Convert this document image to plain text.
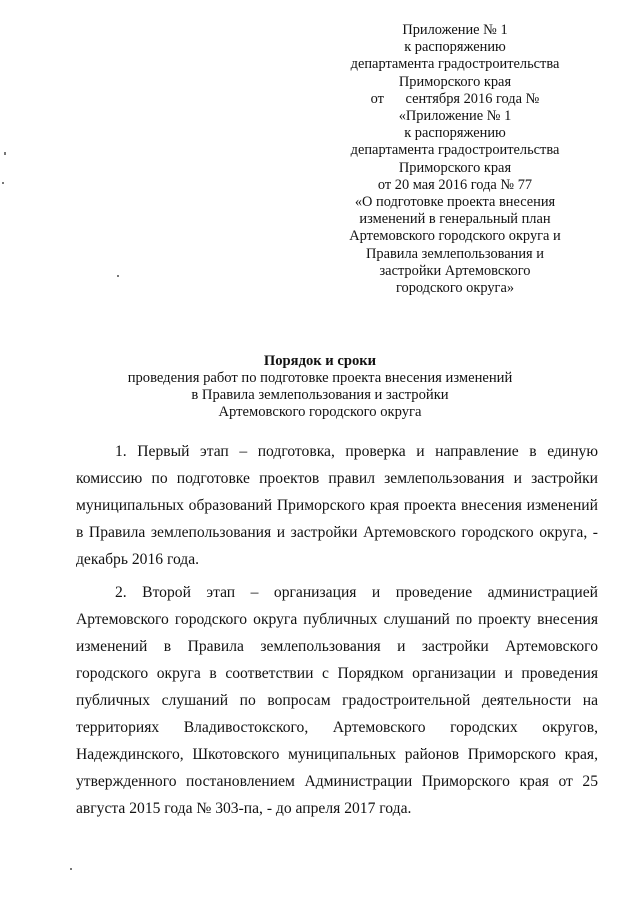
Приложение № 1
к распоряжению
департамента градостроительства
Приморского края
от      сентября 2016 года №
«Приложение № 1
к распоряжению
департамента градостроительства
Приморского края
от 20 мая 2016 года № 77
«О подготовке проекта внесения
изменений в генеральный план
Артемовского городского округа и
Правила землепользования и
застройки Артемовского
городского округа»
Порядок и сроки
проведения работ по подготовке проекта внесения изменений
в Правила землепользования и застройки
Артемовского городского округа

1. Первый этап – подготовка, проверка и направление в единую комиссию по подготовке проектов правил землепользования и застройки муниципальных образований Приморского края проекта внесения изменений в Правила землепользования и застройки Артемовского городского округа, - декабрь 2016 года.

2. Второй этап – организация и проведение администрацией Артемовского городского округа публичных слушаний по проекту внесения изменений в Правила землепользования и застройки Артемовского городского округа в соответствии с Порядком организации и проведения публичных слушаний по вопросам градостроительной деятельности на территориях Владивостокского, Артемовского городских округов, Надеждинского, Шкотовского муниципальных районов Приморского края, утвержденного постановлением Администрации Приморского края от 25 августа 2015 года № 303-па, - до апреля 2017 года.
